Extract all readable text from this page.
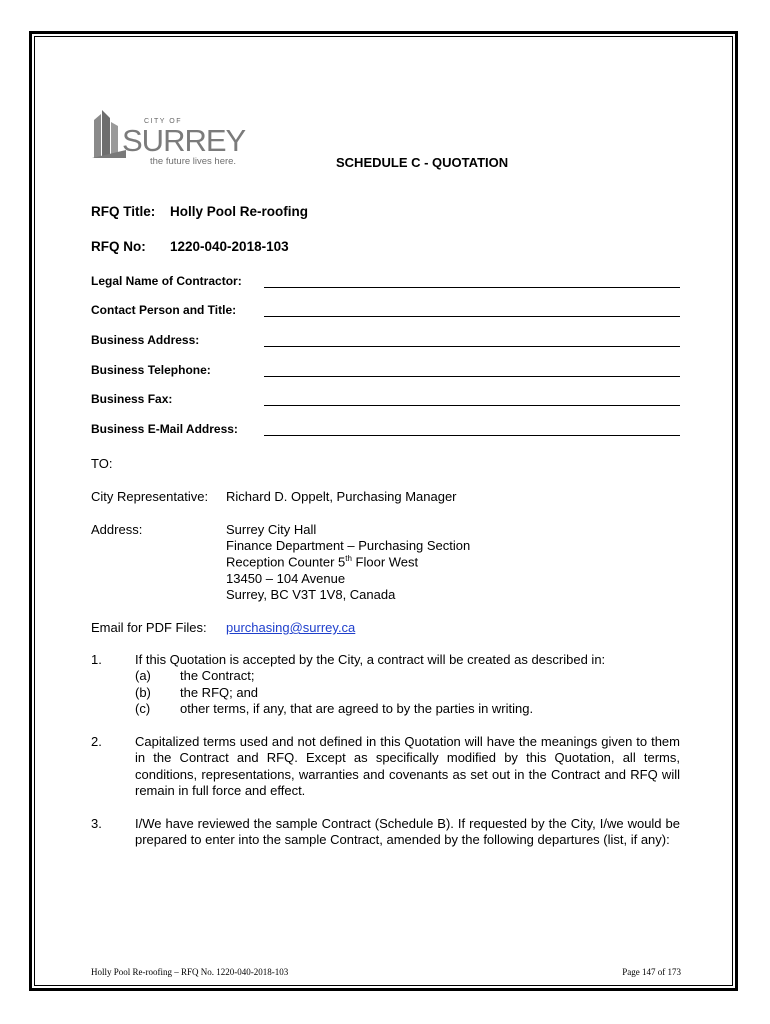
CITY OF
SURREY
the future lives here.	SCHEDULE C - QUOTATION
RFQ Title: Holly Pool Re-roofing
RFQ No: 1220-040-2018-103
Legal Name of Contractor:
Contact Person and Title:
Business Address:
Business Telephone:
Business Fax:
Business E-Mail Address:
TO:
City Representative: Richard D. Oppelt, Purchasing Manager
Address:	Surrey City Hall
Finance Department – Purchasing Section
Reception Counter 5th Floor West
13450 – 104 Avenue
Surrey, BC V3T 1V8, Canada
Email for PDF Files: purchasing@surrey.ca
1.	If this Quotation is accepted by the City, a contract will be created as described in:
(a) the Contract;
(b) the RFQ; and
(c) other terms, if any, that are agreed to by the parties in writing.
2.	Capitalized terms used and not defined in this Quotation will have the meanings given to them in the Contract and RFQ. Except as specifically modified by this Quotation, all terms, conditions, representations, warranties and covenants as set out in the Contract and RFQ will remain in full force and effect.
3.	I/We have reviewed the sample Contract (Schedule B). If requested by the City, I/we would be prepared to enter into the sample Contract, amended by the following departures (list, if any):
Holly Pool Re-roofing – RFQ No. 1220-040-2018-103	Page 147 of 173
